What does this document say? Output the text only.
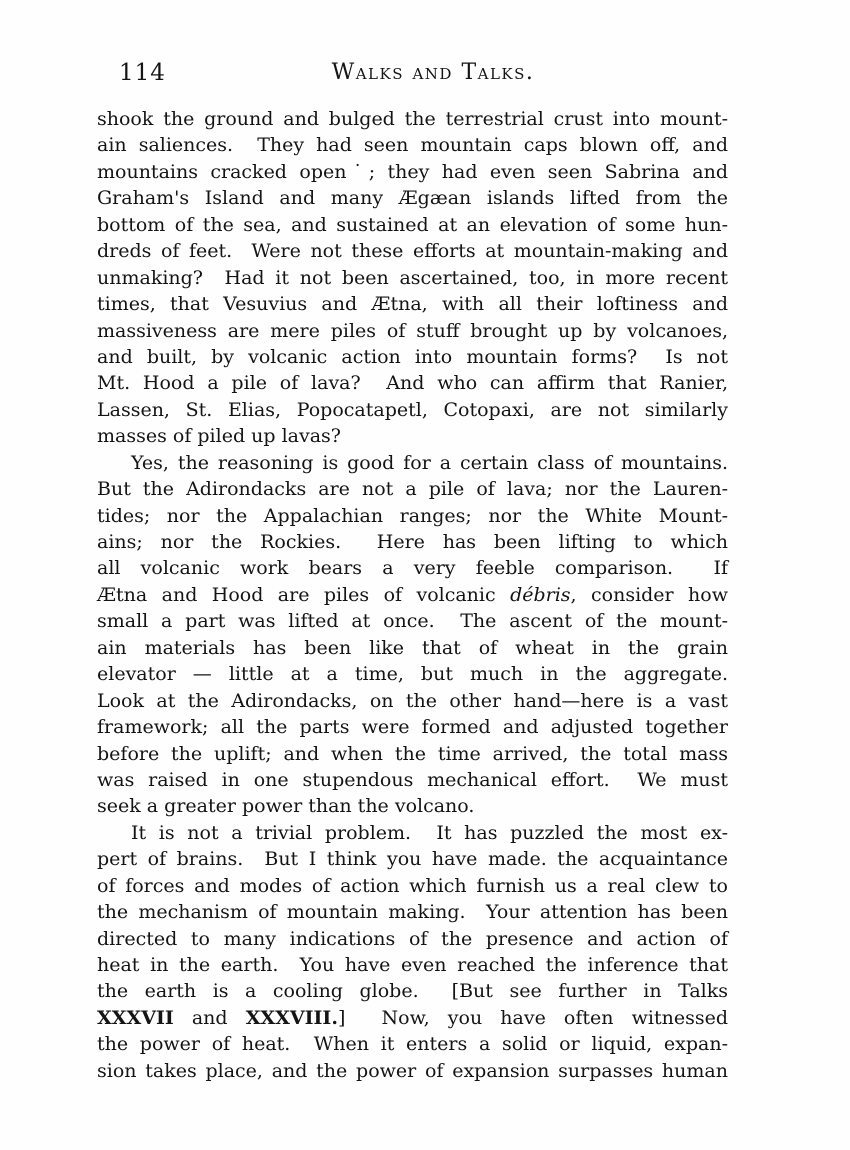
114	Walks and Talks.
shook the ground and bulged the terrestrial crust into mount-
ain saliences.  They had seen mountain caps blown off, and
mountains cracked open˙; they had even seen Sabrina and
Graham's Island and many Ægæan islands lifted from the
bottom of the sea, and sustained at an elevation of some hun-
dreds of feet.  Were not these efforts at mountain-making and
unmaking?  Had it not been ascertained, too, in more recent
times, that Vesuvius and Ætna, with all their loftiness and
massiveness are mere piles of stuff brought up by volcanoes,
and built, by volcanic action into mountain forms?  Is not
Mt. Hood a pile of lava?  And who can affirm that Ranier,
Lassen, St. Elias, Popocatapetl, Cotopaxi, are not similarly
masses of piled up lavas?
Yes, the reasoning is good for a certain class of mountains.
But the Adirondacks are not a pile of lava; nor the Lauren-
tides; nor the Appalachian ranges; nor the White Mount-
ains; nor the Rockies.  Here has been lifting to which
all volcanic work bears a very feeble comparison.  If
Ætna and Hood are piles of volcanic débris, consider how
small a part was lifted at once.  The ascent of the mount-
ain materials has been like that of wheat in the grain
elevator — little at a time, but much in the aggregate.
Look at the Adirondacks, on the other hand—here is a vast
framework; all the parts were formed and adjusted together
before the uplift; and when the time arrived, the total mass
was raised in one stupendous mechanical effort.  We must
seek a greater power than the volcano.
It is not a trivial problem.  It has puzzled the most ex-
pert of brains.  But I think you have made. the acquaintance
of forces and modes of action which furnish us a real clew to
the mechanism of mountain making.  Your attention has been
directed to many indications of the presence and action of
heat in the earth.  You have even reached the inference that
the earth is a cooling globe.  [But see further in Talks
XXXVII and XXXVIII.]  Now, you have often witnessed
the power of heat.  When it enters a solid or liquid, expan-
sion takes place, and the power of expansion surpasses human
